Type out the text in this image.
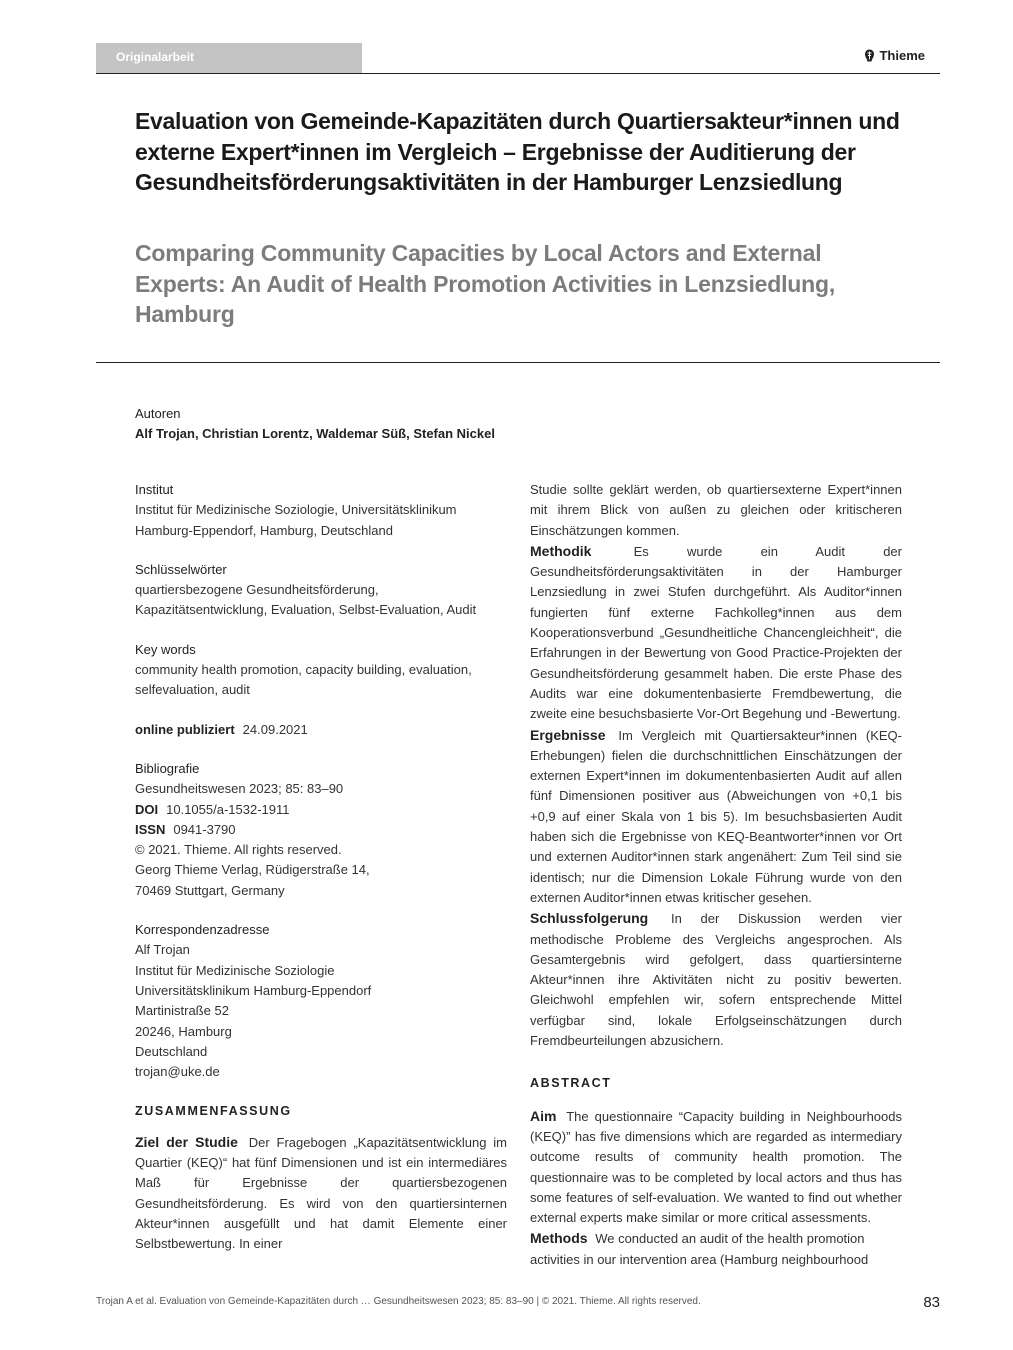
Originalarbeit	Thieme
Evaluation von Gemeinde-Kapazitäten durch Quartiersakteur*innen und externe Expert*innen im Vergleich – Ergebnisse der Auditierung der Gesundheitsförderungsaktivitäten in der Hamburger Lenzsiedlung
Comparing Community Capacities by Local Actors and External Experts: An Audit of Health Promotion Activities in Lenzsiedlung, Hamburg
Autoren
Alf Trojan, Christian Lorentz, Waldemar Süß, Stefan Nickel
Institut
Institut für Medizinische Soziologie, Universitätsklinikum Hamburg-Eppendorf, Hamburg, Deutschland
Schlüsselwörter
quartiersbezogene Gesundheitsförderung, Kapazitätsentwicklung, Evaluation, Selbst-Evaluation, Audit
Key words
community health promotion, capacity building, evaluation, selfevaluation, audit
online publiziert 24.09.2021
Bibliografie
Gesundheitswesen 2023; 85: 83–90
DOI 10.1055/a-1532-1911
ISSN 0941-3790
© 2021. Thieme. All rights reserved.
Georg Thieme Verlag, Rüdigerstraße 14,
70469 Stuttgart, Germany
Korrespondenzadresse
Alf Trojan
Institut für Medizinische Soziologie
Universitätsklinikum Hamburg-Eppendorf
Martinistraße 52
20246, Hamburg
Deutschland
trojan@uke.de
ZUSAMMENFASSUNG

Ziel der Studie Der Fragebogen „Kapazitätsentwicklung im Quartier (KEQ)“ hat fünf Dimensionen und ist ein intermediäres Maß für Ergebnisse der quartiersbezogenen Gesundheitsförderung. Es wird von den quartiersinternen Akteur*innen ausgefüllt und hat damit Elemente einer Selbstbewertung. In einer

Studie sollte geklärt werden, ob quartiersexterne Expert*innen mit ihrem Blick von außen zu gleichen oder kritischeren Einschätzungen kommen.

Methodik	Es wurde ein Audit der Gesundheitsförderungsaktivitäten in der Hamburger Lenzsiedlung in zwei Stufen durchgeführt. Als Auditor*innen fungierten fünf externe Fachkolleg*innen aus dem Kooperationsverbund „Gesundheitliche Chancengleichheit“, die Erfahrungen in der Bewertung von Good Practice-Projekten der Gesundheitsförderung gesammelt haben. Die erste Phase des Audits war eine dokumentenbasierte Fremdbewertung, die zweite eine besuchsbasierte Vor-Ort Begehung und -Bewertung.

Ergebnisse Im Vergleich mit Quartiersakteur*innen (KEQ-Erhebungen) fielen die durchschnittlichen Einschätzungen der externen Expert*innen im dokumentenbasierten Audit auf allen fünf Dimensionen positiver aus (Abweichungen von +0,1 bis +0,9 auf einer Skala von 1 bis 5). Im besuchsbasierten Audit haben sich die Ergebnisse von KEQ-Beantworter*innen vor Ort und externen Auditor*innen stark angenähert: Zum Teil sind sie identisch; nur die Dimension Lokale Führung wurde von den externen Auditor*innen etwas kritischer gesehen.

Schlussfolgerung In der Diskussion werden vier methodische Probleme des Vergleichs angesprochen. Als Gesamtergebnis wird gefolgert, dass quartiersinterne Akteur*innen ihre Aktivitäten nicht zu positiv bewerten. Gleichwohl empfehlen wir, sofern entsprechende Mittel verfügbar sind, lokale Erfolgseinschätzungen durch Fremdbeurteilungen abzusichern.

ABSTRACT

Aim The questionnaire “Capacity building in Neighbourhoods (KEQ)” has five dimensions which are regarded as intermediary outcome results of community health promotion. The questionnaire was to be completed by local actors and thus has some features of self-evaluation. We wanted to find out whether external experts make similar or more critical assessments.

Methods We conducted an audit of the health promotion activities in our intervention area (Hamburg neighbourhood

Trojan A et al. Evaluation von Gemeinde-Kapazitäten durch … Gesundheitswesen 2023; 85: 83–90 | © 2021. Thieme. All rights reserved.	83
